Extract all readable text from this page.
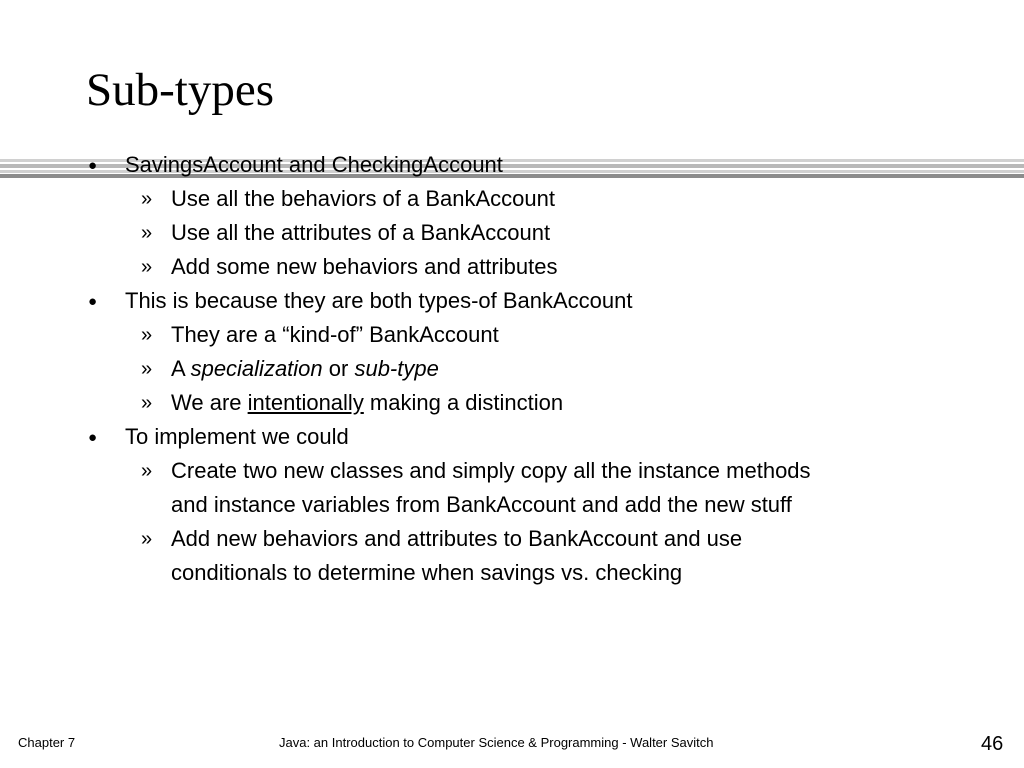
Sub-types
● SavingsAccount and CheckingAccount
» Use all the behaviors of a BankAccount
» Use all the attributes of a BankAccount
» Add some new behaviors and attributes
● This is because they are both types-of BankAccount
» They are a “kind-of” BankAccount
» A specialization or sub-type
» We are intentionally making a distinction
● To implement we could
» Create two new classes and simply copy all the instance methods
and instance variables from BankAccount and add the new stuff
» Add new behaviors and attributes to BankAccount and use
conditionals to determine when savings vs. checking
Chapter 7	Java: an Introduction to Computer Science & Programming - Walter Savitch	46
